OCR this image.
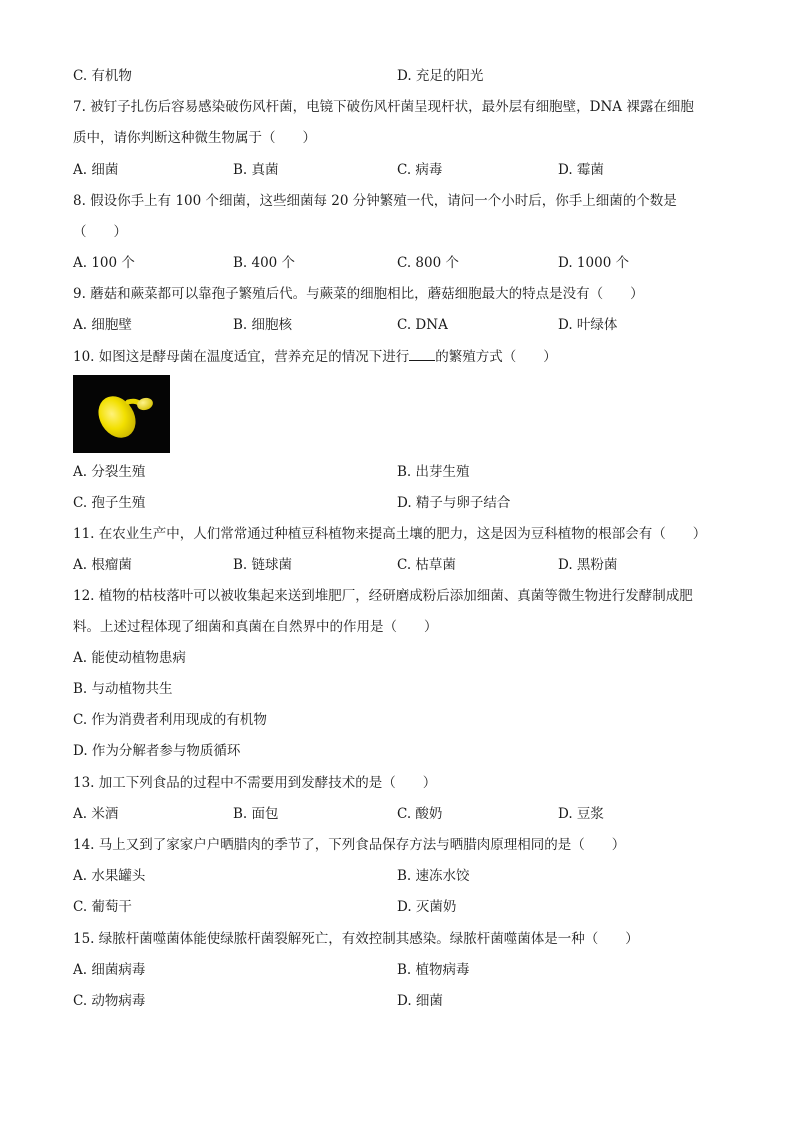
C. 有机物	D. 充足的阳光
7. 被钉子扎伤后容易感染破伤风杆菌，电镜下破伤风杆菌呈现杆状，最外层有细胞壁，DNA 裸露在细胞
质中，请你判断这种微生物属于（　　）
A. 细菌	B. 真菌	C. 病毒	D. 霉菌
8. 假设你手上有 100 个细菌，这些细菌每 20 分钟繁殖一代，请问一个小时后，你手上细菌的个数是
（　　）
A. 100 个	B. 400 个	C. 800 个	D. 1000 个
9. 蘑菇和蕨菜都可以靠孢子繁殖后代。与蕨菜的细胞相比，蘑菇细胞最大的特点是没有（　　）
A. 细胞壁	B. 细胞核	C. DNA	D. 叶绿体
10. 如图这是酵母菌在温度适宜，营养充足的情况下进行 的繁殖方式（　　）
A. 分裂生殖	B. 出芽生殖
C. 孢子生殖	D. 精子与卵子结合
11. 在农业生产中，人们常常通过种植豆科植物来提高土壤的肥力，这是因为豆科植物的根部会有（　　）
A. 根瘤菌	B. 链球菌	C. 枯草菌	D. 黑粉菌
12. 植物的枯枝落叶可以被收集起来送到堆肥厂，经研磨成粉后添加细菌、真菌等微生物进行发酵制成肥
料。上述过程体现了细菌和真菌在自然界中的作用是（　　）
A. 能使动植物患病
B. 与动植物共生
C. 作为消费者利用现成的有机物
D. 作为分解者参与物质循环
13. 加工下列食品的过程中不需要用到发酵技术的是（　　）
A. 米酒	B. 面包	C. 酸奶	D. 豆浆
14. 马上又到了家家户户晒腊肉的季节了，下列食品保存方法与晒腊肉原理相同的是（　　）
A. 水果罐头	B. 速冻水饺
C. 葡萄干	D. 灭菌奶
15. 绿脓杆菌噬菌体能使绿脓杆菌裂解死亡，有效控制其感染。绿脓杆菌噬菌体是一种（　　）
A. 细菌病毒	B. 植物病毒
C. 动物病毒	D. 细菌
